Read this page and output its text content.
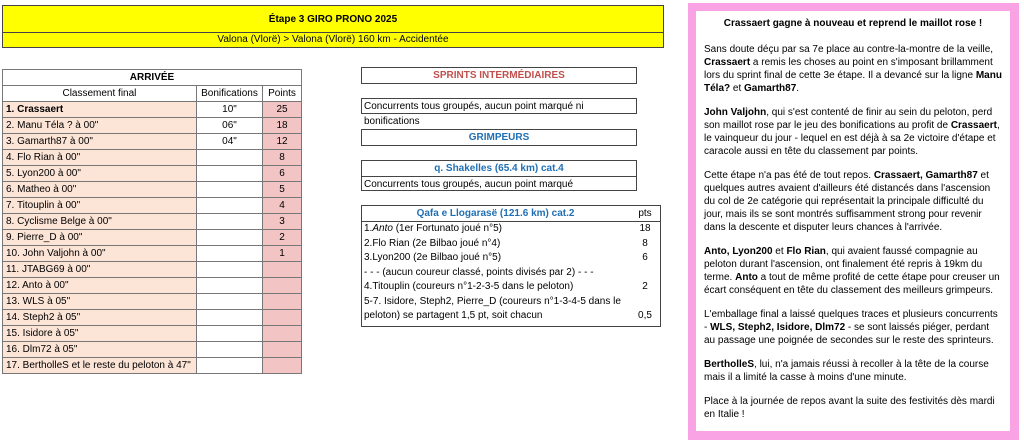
Étape 3 GIRO PRONO 2025
Valona (Vlorë) > Valona (Vlorë) 160 km - Accidentée
ARRIVÉE		
Classement final	Bonifications	Points
1. Crassaert	10"	25
2. Manu Téla ? à 00"	06"	18
3. Gamarth87 à 00"	04"	12
4. Flo Rian à 00"		8
5. Lyon200 à 00"		6
6. Matheo à 00"		5
7. Titouplin à 00"		4
8. Cyclisme Belge à 00"		3
9. Pierre_D à 00"		2
10. John Valjohn à 00"		1
11. JTABG69 à 00"		
12. Anto à 00"		
13. WLS à 05"		
14. Steph2 à 05"		
15. Isidore à 05"		
16. Dlm72 à 05"		
17. BertholleS et le reste du peloton à 47"		
SPRINTS INTERMÉDIAIRES
Concurrents tous groupés, aucun point marqué ni bonifications
GRIMPEURS
q. Shakelles (65.4 km) cat.4
Concurrents tous groupés, aucun point marqué
Qafa e Llogarasë (121.6 km) cat.2	pts
1.Anto (1er Fortunato joué n°5)	18
2.Flo Rian (2e Bilbao joué n°4)	8
3.Lyon200 (2e Bilbao joué n°5)	6
- - - (aucun coureur classé, points divisés par 2) - - -
4.Titouplin (coureurs n°1-2-3-5 dans le peloton)	2
5-7. Isidore, Steph2, Pierre_D (coureurs n°1-3-4-5 dans le
peloton) se partagent 1,5 pt, soit chacun	0,5

Crassaert gagne à nouveau et reprend le maillot rose !

Sans doute déçu par sa 7e place au contre-la-montre de la veille, Crassaert a remis les choses au point en s'imposant brillamment lors du sprint final de cette 3e étape. Il a devancé sur la ligne Manu Téla? et Gamarth87.

John Valjohn, qui s'est contenté de finir au sein du peloton, perd son maillot rose par le jeu des bonifications au profit de Crassaert, le vainqueur du jour - lequel en est déjà à sa 2e victoire d'étape et caracole aussi en tête du classement par points.

Cette étape n'a pas été de tout repos. Crassaert, Gamarth87 et quelques autres avaient d'ailleurs été distancés dans l'ascension du col de 2e catégorie qui représentait la principale difficulté du jour, mais ils se sont montrés suffisamment strong pour revenir dans la descente et disputer leurs chances à l'arrivée.

Anto, Lyon200 et Flo Rian, qui avaient faussé compagnie au peloton durant l'ascension, ont finalement été repris à 19km du terme. Anto a tout de même profité de cette étape pour creuser un écart conséquent en tête du classement des meilleurs grimpeurs.

L'emballage final a laissé quelques traces et plusieurs concurrents - WLS, Steph2, Isidore, Dlm72 - se sont laissés piéger, perdant au passage une poignée de secondes sur le reste des sprinteurs.

BertholleS, lui, n'a jamais réussi à recoller à la tête de la course mais il a limité la casse à moins d'une minute.

Place à la journée de repos avant la suite des festivités dès mardi en Italie !
